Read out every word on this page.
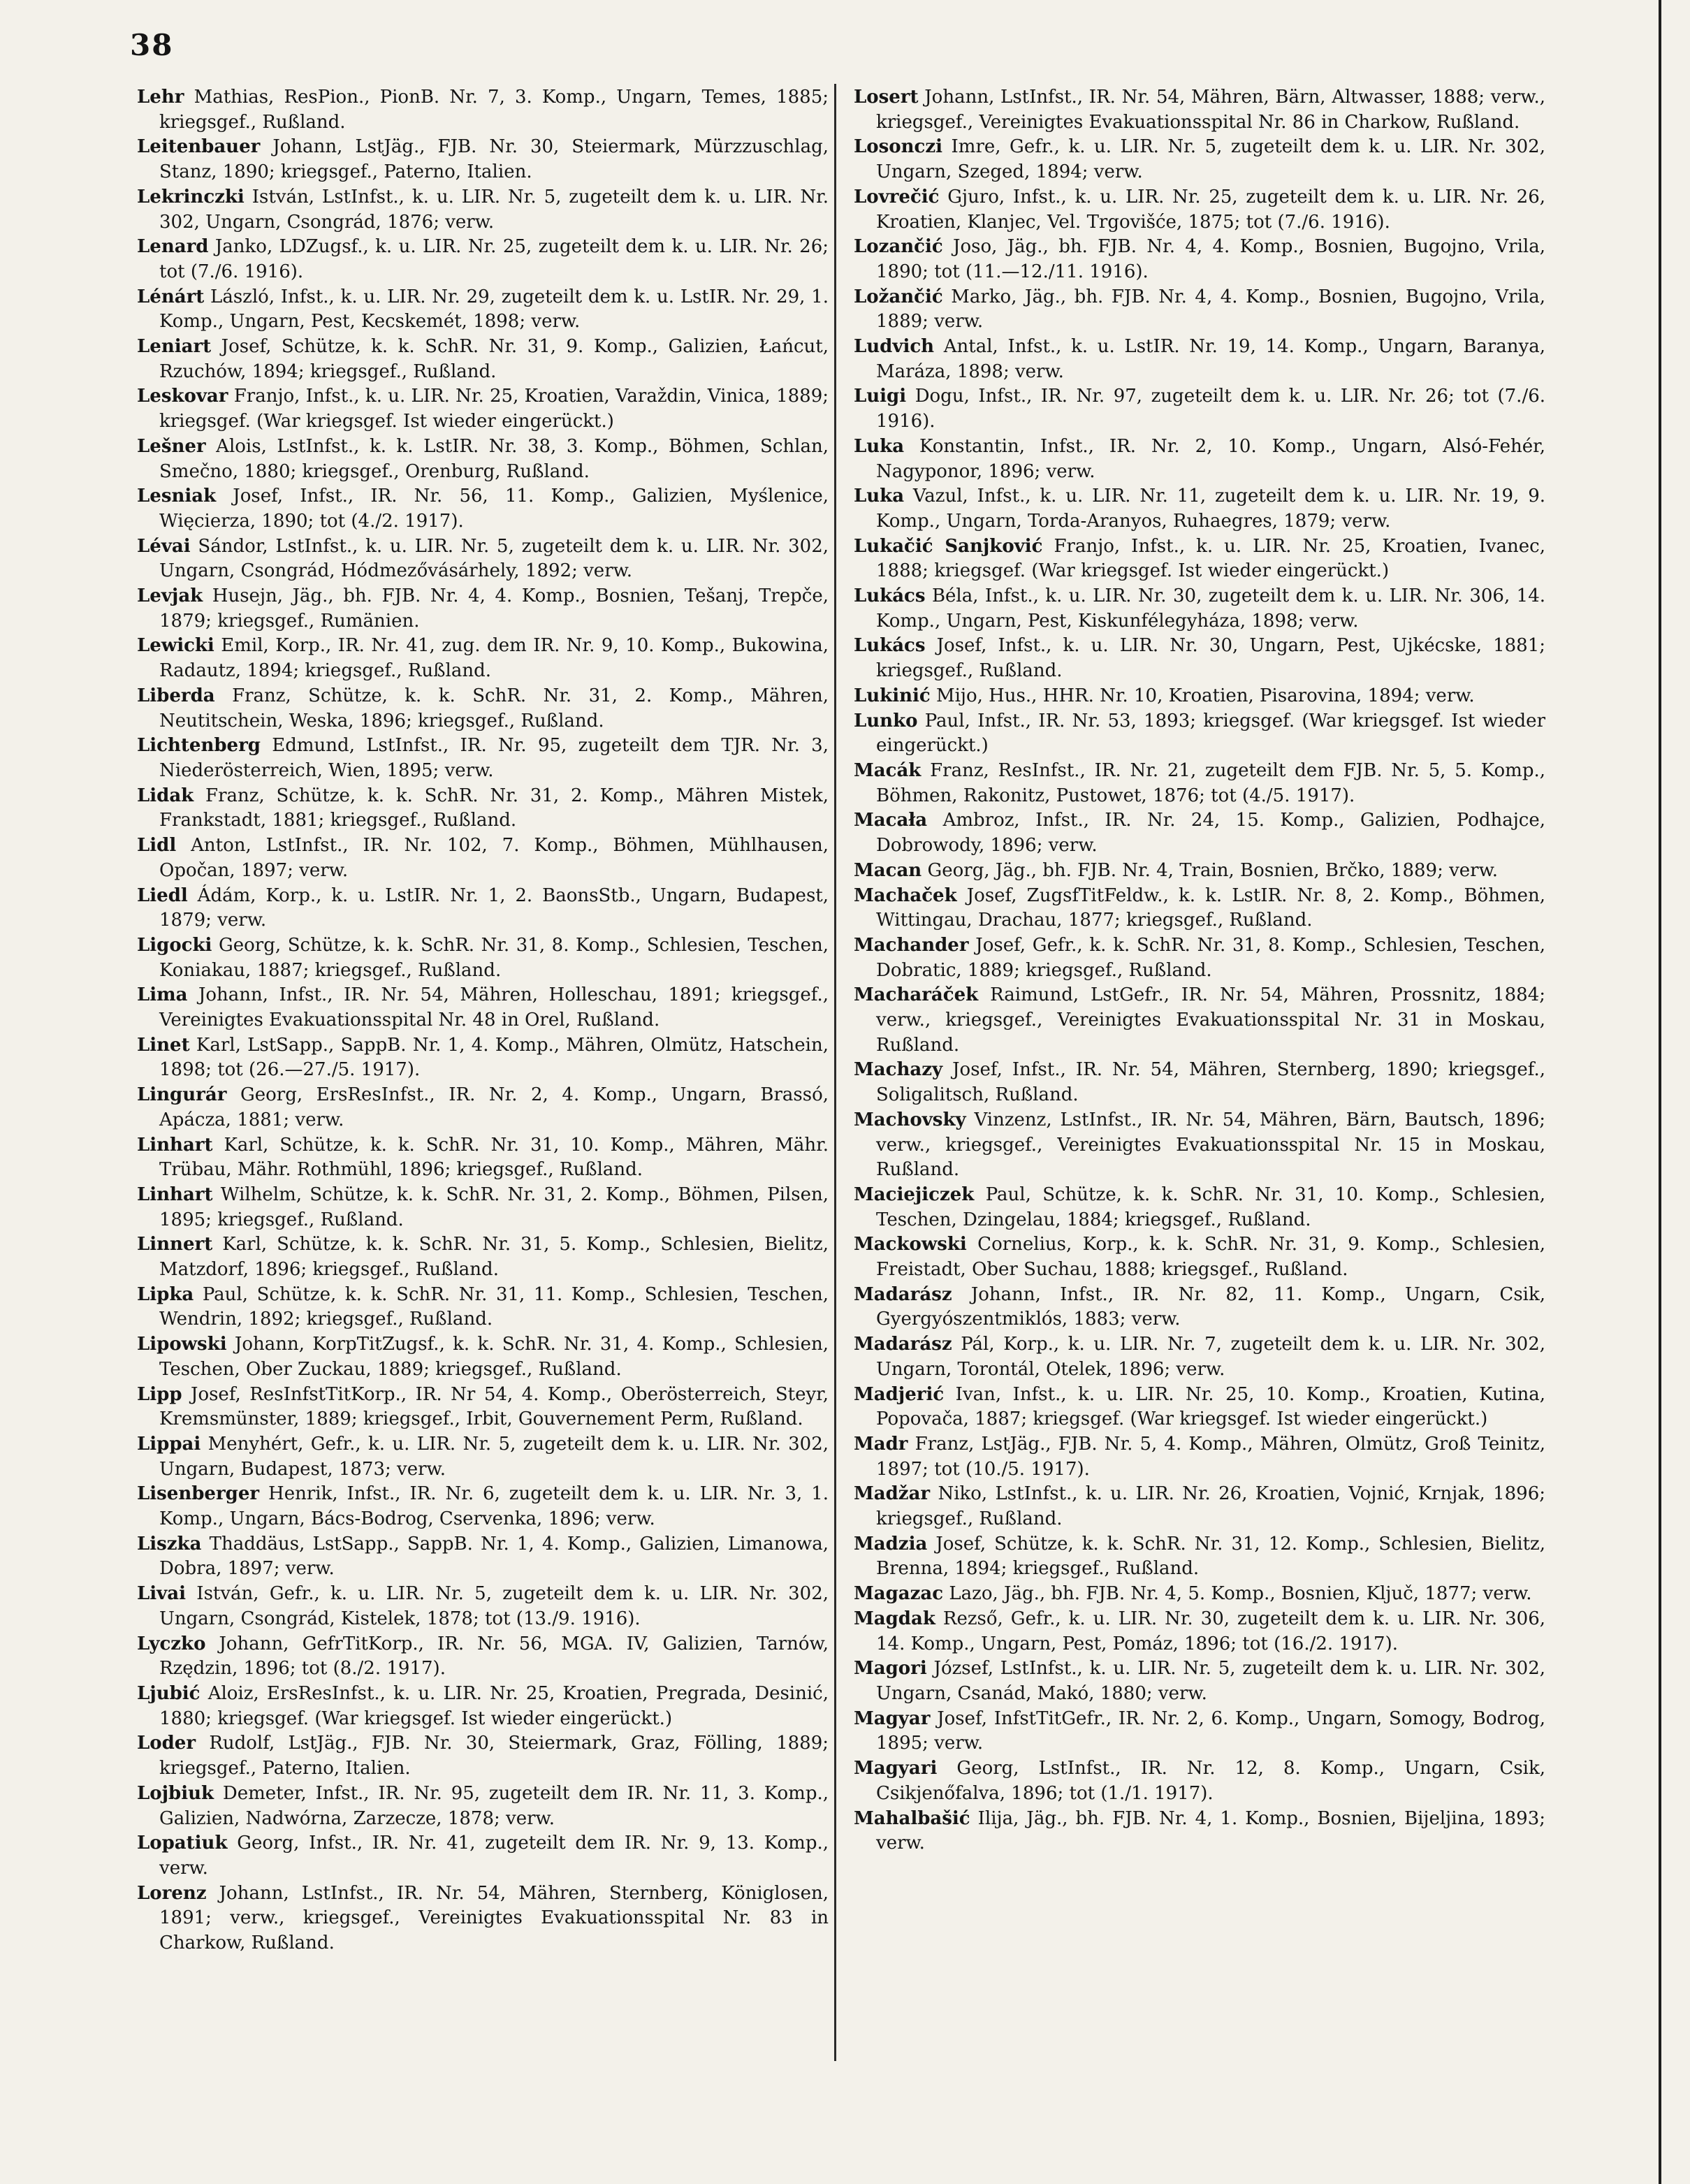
38

Lehr Mathias, ResPion., PionB. Nr. 7, 3. Komp., Ungarn, Temes, 1885; kriegsgef., Rußland.

Leitenbauer Johann, LstJäg., FJB. Nr. 30, Steiermark, Mürzzuschlag, Stanz, 1890; kriegsgef., Paterno, Italien.

Lekrinczki István, LstInfst., k. u. LIR. Nr. 5, zugeteilt dem k. u. LIR. Nr. 302, Ungarn, Csongrád, 1876; verw.

Lenard Janko, LDZugsf., k. u. LIR. Nr. 25, zugeteilt dem k. u. LIR. Nr. 26; tot (7./6. 1916).

Lénárt László, Infst., k. u. LIR. Nr. 29, zugeteilt dem k. u. LstIR. Nr. 29, 1. Komp., Ungarn, Pest, Kecskemét, 1898; verw.

Leniart Josef, Schütze, k. k. SchR. Nr. 31, 9. Komp., Galizien, Łańcut, Rzuchów, 1894; kriegsgef., Rußland.

Leskovar Franjo, Infst., k. u. LIR. Nr. 25, Kroatien, Varaždin, Vinica, 1889; kriegsgef. (War kriegsgef. Ist wieder eingerückt.)

Lešner Alois, LstInfst., k. k. LstIR. Nr. 38, 3. Komp., Böhmen, Schlan, Smečno, 1880; kriegsgef., Orenburg, Rußland.

Lesniak Josef, Infst., IR. Nr. 56, 11. Komp., Galizien, Myślenice, Więcierza, 1890; tot (4./2. 1917).

Lévai Sándor, LstInfst., k. u. LIR. Nr. 5, zugeteilt dem k. u. LIR. Nr. 302, Ungarn, Csongrád, Hódmezővásárhely, 1892; verw.

Levjak Husejn, Jäg., bh. FJB. Nr. 4, 4. Komp., Bosnien, Tešanj, Trepče, 1879; kriegsgef., Rumänien.

Lewicki Emil, Korp., IR. Nr. 41, zug. dem IR. Nr. 9, 10. Komp., Bukowina, Radautz, 1894; kriegsgef., Rußland.

Liberda Franz, Schütze, k. k. SchR. Nr. 31, 2. Komp., Mähren, Neutitschein, Weska, 1896; kriegsgef., Rußland.

Lichtenberg Edmund, LstInfst., IR. Nr. 95, zugeteilt dem TJR. Nr. 3, Niederösterreich, Wien, 1895; verw.

Lidak Franz, Schütze, k. k. SchR. Nr. 31, 2. Komp., Mähren Mistek, Frankstadt, 1881; kriegsgef., Rußland.

Lidl Anton, LstInfst., IR. Nr. 102, 7. Komp., Böhmen, Mühlhausen, Opočan, 1897; verw.

Liedl Ádám, Korp., k. u. LstIR. Nr. 1, 2. BaonsStb., Ungarn, Budapest, 1879; verw.

Ligocki Georg, Schütze, k. k. SchR. Nr. 31, 8. Komp., Schlesien, Teschen, Koniakau, 1887; kriegsgef., Rußland.

Lima Johann, Infst., IR. Nr. 54, Mähren, Holleschau, 1891; kriegsgef., Vereinigtes Evakuationsspital Nr. 48 in Orel, Rußland.

Linet Karl, LstSapp., SappB. Nr. 1, 4. Komp., Mähren, Olmütz, Hatschein, 1898; tot (26.—27./5. 1917).

Lingurár Georg, ErsResInfst., IR. Nr. 2, 4. Komp., Ungarn, Brassó, Apácza, 1881; verw.

Linhart Karl, Schütze, k. k. SchR. Nr. 31, 10. Komp., Mähren, Mähr. Trübau, Mähr. Rothmühl, 1896; kriegsgef., Rußland.

Linhart Wilhelm, Schütze, k. k. SchR. Nr. 31, 2. Komp., Böhmen, Pilsen, 1895; kriegsgef., Rußland.

Linnert Karl, Schütze, k. k. SchR. Nr. 31, 5. Komp., Schlesien, Bielitz, Matzdorf, 1896; kriegsgef., Rußland.

Lipka Paul, Schütze, k. k. SchR. Nr. 31, 11. Komp., Schlesien, Teschen, Wendrin, 1892; kriegsgef., Rußland.

Lipowski Johann, KorpTitZugsf., k. k. SchR. Nr. 31, 4. Komp., Schlesien, Teschen, Ober Zuckau, 1889; kriegsgef., Rußland.

Lipp Josef, ResInfstTitKorp., IR. Nr 54, 4. Komp., Oberösterreich, Steyr, Kremsmünster, 1889; kriegsgef., Irbit, Gouvernement Perm, Rußland.

Lippai Menyhért, Gefr., k. u. LIR. Nr. 5, zugeteilt dem k. u. LIR. Nr. 302, Ungarn, Budapest, 1873; verw.

Lisenberger Henrik, Infst., IR. Nr. 6, zugeteilt dem k. u. LIR. Nr. 3, 1. Komp., Ungarn, Bács-Bodrog, Cservenka, 1896; verw.

Liszka Thaddäus, LstSapp., SappB. Nr. 1, 4. Komp., Galizien, Limanowa, Dobra, 1897; verw.

Livai István, Gefr., k. u. LIR. Nr. 5, zugeteilt dem k. u. LIR. Nr. 302, Ungarn, Csongrád, Kistelek, 1878; tot (13./9. 1916).

Lyczko Johann, GefrTitKorp., IR. Nr. 56, MGA. IV, Galizien, Tarnów, Rzędzin, 1896; tot (8./2. 1917).

Ljubić Aloiz, ErsResInfst., k. u. LIR. Nr. 25, Kroatien, Pregrada, Desinić, 1880; kriegsgef. (War kriegsgef. Ist wieder eingerückt.)

Loder Rudolf, LstJäg., FJB. Nr. 30, Steiermark, Graz, Fölling, 1889; kriegsgef., Paterno, Italien.

Lojbiuk Demeter, Infst., IR. Nr. 95, zugeteilt dem IR. Nr. 11, 3. Komp., Galizien, Nadwórna, Zarzecze, 1878; verw.

Lopatiuk Georg, Infst., IR. Nr. 41, zugeteilt dem IR. Nr. 9, 13. Komp., verw.

Lorenz Johann, LstInfst., IR. Nr. 54, Mähren, Sternberg, Königlosen, 1891; verw., kriegsgef., Vereinigtes Evakuationsspital Nr. 83 in Charkow, Rußland.

Losert Johann, LstInfst., IR. Nr. 54, Mähren, Bärn, Altwasser, 1888; verw., kriegsgef., Vereinigtes Evakuationsspital Nr. 86 in Charkow, Rußland.

Losonczi Imre, Gefr., k. u. LIR. Nr. 5, zugeteilt dem k. u. LIR. Nr. 302, Ungarn, Szeged, 1894; verw.

Lovrečić Gjuro, Infst., k. u. LIR. Nr. 25, zugeteilt dem k. u. LIR. Nr. 26, Kroatien, Klanjec, Vel. Trgovišće, 1875; tot (7./6. 1916).

Lozančić Joso, Jäg., bh. FJB. Nr. 4, 4. Komp., Bosnien, Bugojno, Vrila, 1890; tot (11.—12./11. 1916).

Ložančić Marko, Jäg., bh. FJB. Nr. 4, 4. Komp., Bosnien, Bugojno, Vrila, 1889; verw.

Ludvich Antal, Infst., k. u. LstIR. Nr. 19, 14. Komp., Ungarn, Baranya, Maráza, 1898; verw.

Luigi Dogu, Infst., IR. Nr. 97, zugeteilt dem k. u. LIR. Nr. 26; tot (7./6. 1916).

Luka Konstantin, Infst., IR. Nr. 2, 10. Komp., Ungarn, Alsó-Fehér, Nagyponor, 1896; verw.

Luka Vazul, Infst., k. u. LIR. Nr. 11, zugeteilt dem k. u. LIR. Nr. 19, 9. Komp., Ungarn, Torda-Aranyos, Ruhaegres, 1879; verw.

Lukačić Sanjković Franjo, Infst., k. u. LIR. Nr. 25, Kroatien, Ivanec, 1888; kriegsgef. (War kriegsgef. Ist wieder eingerückt.)

Lukács Béla, Infst., k. u. LIR. Nr. 30, zugeteilt dem k. u. LIR. Nr. 306, 14. Komp., Ungarn, Pest, Kiskunfélegyháza, 1898; verw.

Lukács Josef, Infst., k. u. LIR. Nr. 30, Ungarn, Pest, Ujkécske, 1881; kriegsgef., Rußland.

Lukinić Mijo, Hus., HHR. Nr. 10, Kroatien, Pisarovina, 1894; verw.

Lunko Paul, Infst., IR. Nr. 53, 1893; kriegsgef. (War kriegsgef. Ist wieder eingerückt.)

Macák Franz, ResInfst., IR. Nr. 21, zugeteilt dem FJB. Nr. 5, 5. Komp., Böhmen, Rakonitz, Pustowet, 1876; tot (4./5. 1917).

Macała Ambroz, Infst., IR. Nr. 24, 15. Komp., Galizien, Podhajce, Dobrowody, 1896; verw.

Macan Georg, Jäg., bh. FJB. Nr. 4, Train, Bosnien, Brčko, 1889; verw.

Machaček Josef, ZugsfTitFeldw., k. k. LstIR. Nr. 8, 2. Komp., Böhmen, Wittingau, Drachau, 1877; kriegsgef., Rußland.

Machander Josef, Gefr., k. k. SchR. Nr. 31, 8. Komp., Schlesien, Teschen, Dobratic, 1889; kriegsgef., Rußland.

Macharáček Raimund, LstGefr., IR. Nr. 54, Mähren, Prossnitz, 1884; verw., kriegsgef., Vereinigtes Evakuationsspital Nr. 31 in Moskau, Rußland.

Machazy Josef, Infst., IR. Nr. 54, Mähren, Sternberg, 1890; kriegsgef., Soligalitsch, Rußland.

Machovsky Vinzenz, LstInfst., IR. Nr. 54, Mähren, Bärn, Bautsch, 1896; verw., kriegsgef., Vereinigtes Evakuationsspital Nr. 15 in Moskau, Rußland.

Maciejiczek Paul, Schütze, k. k. SchR. Nr. 31, 10. Komp., Schlesien, Teschen, Dzingelau, 1884; kriegsgef., Rußland.

Mackowski Cornelius, Korp., k. k. SchR. Nr. 31, 9. Komp., Schlesien, Freistadt, Ober Suchau, 1888; kriegsgef., Rußland.

Madarász Johann, Infst., IR. Nr. 82, 11. Komp., Ungarn, Csik, Gyergyószentmiklós, 1883; verw.

Madarász Pál, Korp., k. u. LIR. Nr. 7, zugeteilt dem k. u. LIR. Nr. 302, Ungarn, Torontál, Otelek, 1896; verw.

Madjerić Ivan, Infst., k. u. LIR. Nr. 25, 10. Komp., Kroatien, Kutina, Popovača, 1887; kriegsgef. (War kriegsgef. Ist wieder eingerückt.)

Madr Franz, LstJäg., FJB. Nr. 5, 4. Komp., Mähren, Olmütz, Groß Teinitz, 1897; tot (10./5. 1917).

Madžar Niko, LstInfst., k. u. LIR. Nr. 26, Kroatien, Vojnić, Krnjak, 1896; kriegsgef., Rußland.

Madzia Josef, Schütze, k. k. SchR. Nr. 31, 12. Komp., Schlesien, Bielitz, Brenna, 1894; kriegsgef., Rußland.

Magazac Lazo, Jäg., bh. FJB. Nr. 4, 5. Komp., Bosnien, Ključ, 1877; verw.

Magdak Rezső, Gefr., k. u. LIR. Nr. 30, zugeteilt dem k. u. LIR. Nr. 306, 14. Komp., Ungarn, Pest, Pomáz, 1896; tot (16./2. 1917).

Magori József, LstInfst., k. u. LIR. Nr. 5, zugeteilt dem k. u. LIR. Nr. 302, Ungarn, Csanád, Makó, 1880; verw.

Magyar Josef, InfstTitGefr., IR. Nr. 2, 6. Komp., Ungarn, Somogy, Bodrog, 1895; verw.

Magyari Georg, LstInfst., IR. Nr. 12, 8. Komp., Ungarn, Csik, Csikjenőfalva, 1896; tot (1./1. 1917).

Mahalbašić Ilija, Jäg., bh. FJB. Nr. 4, 1. Komp., Bosnien, Bijeljina, 1893; verw.
